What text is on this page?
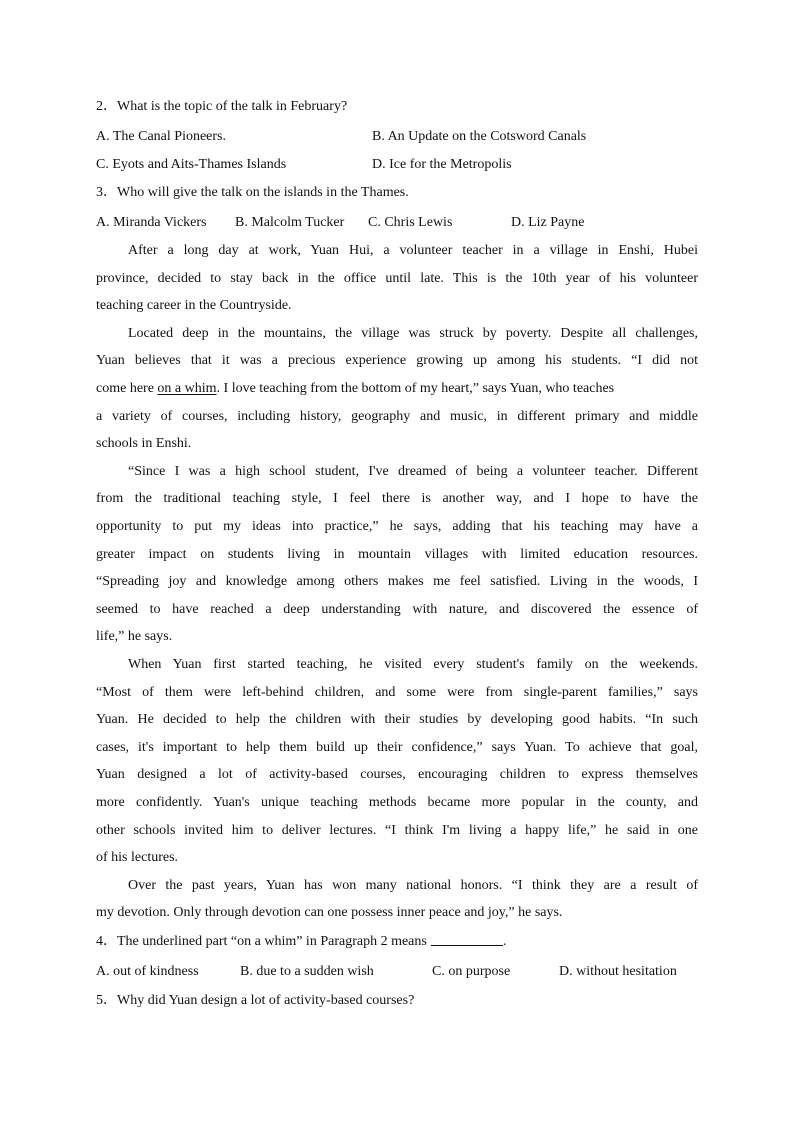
2．What is the topic of the talk in February?
A. The Canal Pioneers.	B. An Update on the Cotsword Canals
C. Eyots and Aits-Thames Islands	D. Ice for the Metropolis
3．Who will give the talk on the islands in the Thames.
A. Miranda Vickers B. Malcolm Tucker C. Chris Lewis	D. Liz Payne
After a long day at work, Yuan Hui, a volunteer teacher in a village in Enshi, Hubei
province, decided to stay back in the office until late. This is the 10th year of his volunteer
teaching career in the Countryside.
Located deep in the mountains, the village was struck by poverty. Despite all challenges,
Yuan believes that it was a precious experience growing up among his students. “I did not
come here on a whim. I love teaching from the bottom of my heart,” says Yuan, who teaches
a variety of courses, including history, geography and music, in different primary and middle
schools in Enshi.
“Since I was a high school student, I've dreamed of being a volunteer teacher. Different
from the traditional teaching style, I feel there is another way, and I hope to have the
opportunity to put my ideas into practice,” he says, adding that his teaching may have a
greater impact on students living in mountain villages with limited education resources.
“Spreading joy and knowledge among others makes me feel satisfied. Living in the woods, I
seemed to have reached a deep understanding with nature, and discovered the essence of
life,” he says.
When Yuan first started teaching, he visited every student's family on the weekends.
“Most of them were left-behind children, and some were from single-parent families,” says
Yuan. He decided to help the children with their studies by developing good habits. “In such
cases, it's important to help them build up their confidence,” says Yuan. To achieve that goal,
Yuan designed a lot of activity-based courses, encouraging children to express themselves
more confidently. Yuan's unique teaching methods became more popular in the county, and
other schools invited him to deliver lectures. “I think I'm living a happy life,” he said in one
of his lectures.
Over the past years, Yuan has won many national honors. “I think they are a result of
my devotion. Only through devotion can one possess inner peace and joy,” he says.
4．The underlined part “on a whim” in Paragraph 2 means	.
A. out of kindness	B. due to a sudden wish	C. on purpose	D. without hesitation
5．Why did Yuan design a lot of activity-based courses?
